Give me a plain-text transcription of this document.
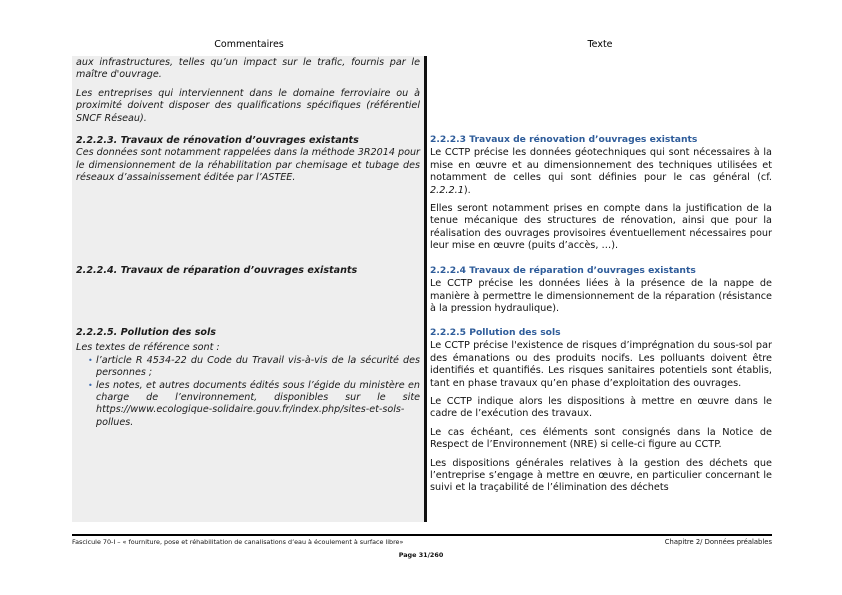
Commentaires	Texte

aux infrastructures, telles qu’un impact sur le trafic, fournis par le maître d'ouvrage.

Les entreprises qui interviennent dans le domaine ferroviaire ou à proximité doivent disposer des qualifications spécifiques (référentiel SNCF Réseau).

2.2.2.3. Travaux de rénovation d’ouvrages existants

Ces données sont notamment rappelées dans la méthode 3R2014 pour le dimensionnement de la réhabilitation par chemisage et tubage des réseaux d’assainissement éditée par l’ASTEE.

2.2.2.4. Travaux de réparation d’ouvrages existants

2.2.2.5. Pollution des sols

Les textes de référence sont :

• l’article R 4534-22 du Code du Travail vis-à-vis de la sécurité des personnes ;
• les notes, et autres documents édités sous l’égide du ministère en charge de l’environnement, disponibles sur le site https://www.ecologique-solidaire.gouv.fr/index.php/sites-et-sols-pollues.

2.2.2.3 Travaux de rénovation d’ouvrages existants

Le CCTP précise les données géotechniques qui sont nécessaires à la mise en œuvre et au dimensionnement des techniques utilisées et notamment de celles qui sont définies pour le cas général (cf. 2.2.2.1).

Elles seront notamment prises en compte dans la justification de la tenue mécanique des structures de rénovation, ainsi que pour la réalisation des ouvrages provisoires éventuellement nécessaires pour leur mise en œuvre (puits d’accès, …).

2.2.2.4 Travaux de réparation d’ouvrages existants

Le CCTP précise les données liées à la présence de la nappe de manière à permettre le dimensionnement de la réparation (résistance à la pression hydraulique).

2.2.2.5 Pollution des sols

Le CCTP précise l'existence de risques d’imprégnation du sous-sol par des émanations ou des produits nocifs. Les polluants doivent être identifiés et quantifiés. Les risques sanitaires potentiels sont établis, tant en phase travaux qu’en phase d’exploitation des ouvrages.

Le CCTP indique alors les dispositions à mettre en œuvre dans le cadre de l’exécution des travaux.

Le cas échéant, ces éléments sont consignés dans la Notice de Respect de l’Environnement (NRE) si celle-ci figure au CCTP.

Les dispositions générales relatives à la gestion des déchets que l’entreprise s’engage à mettre en œuvre, en particulier concernant le suivi et la traçabilité de l’élimination des déchets

Fascicule 70-I – « fourniture, pose et réhabilitation de canalisations d’eau à écoulement à surface libre»	Chapitre 2/ Données préalables
Page 31/260
